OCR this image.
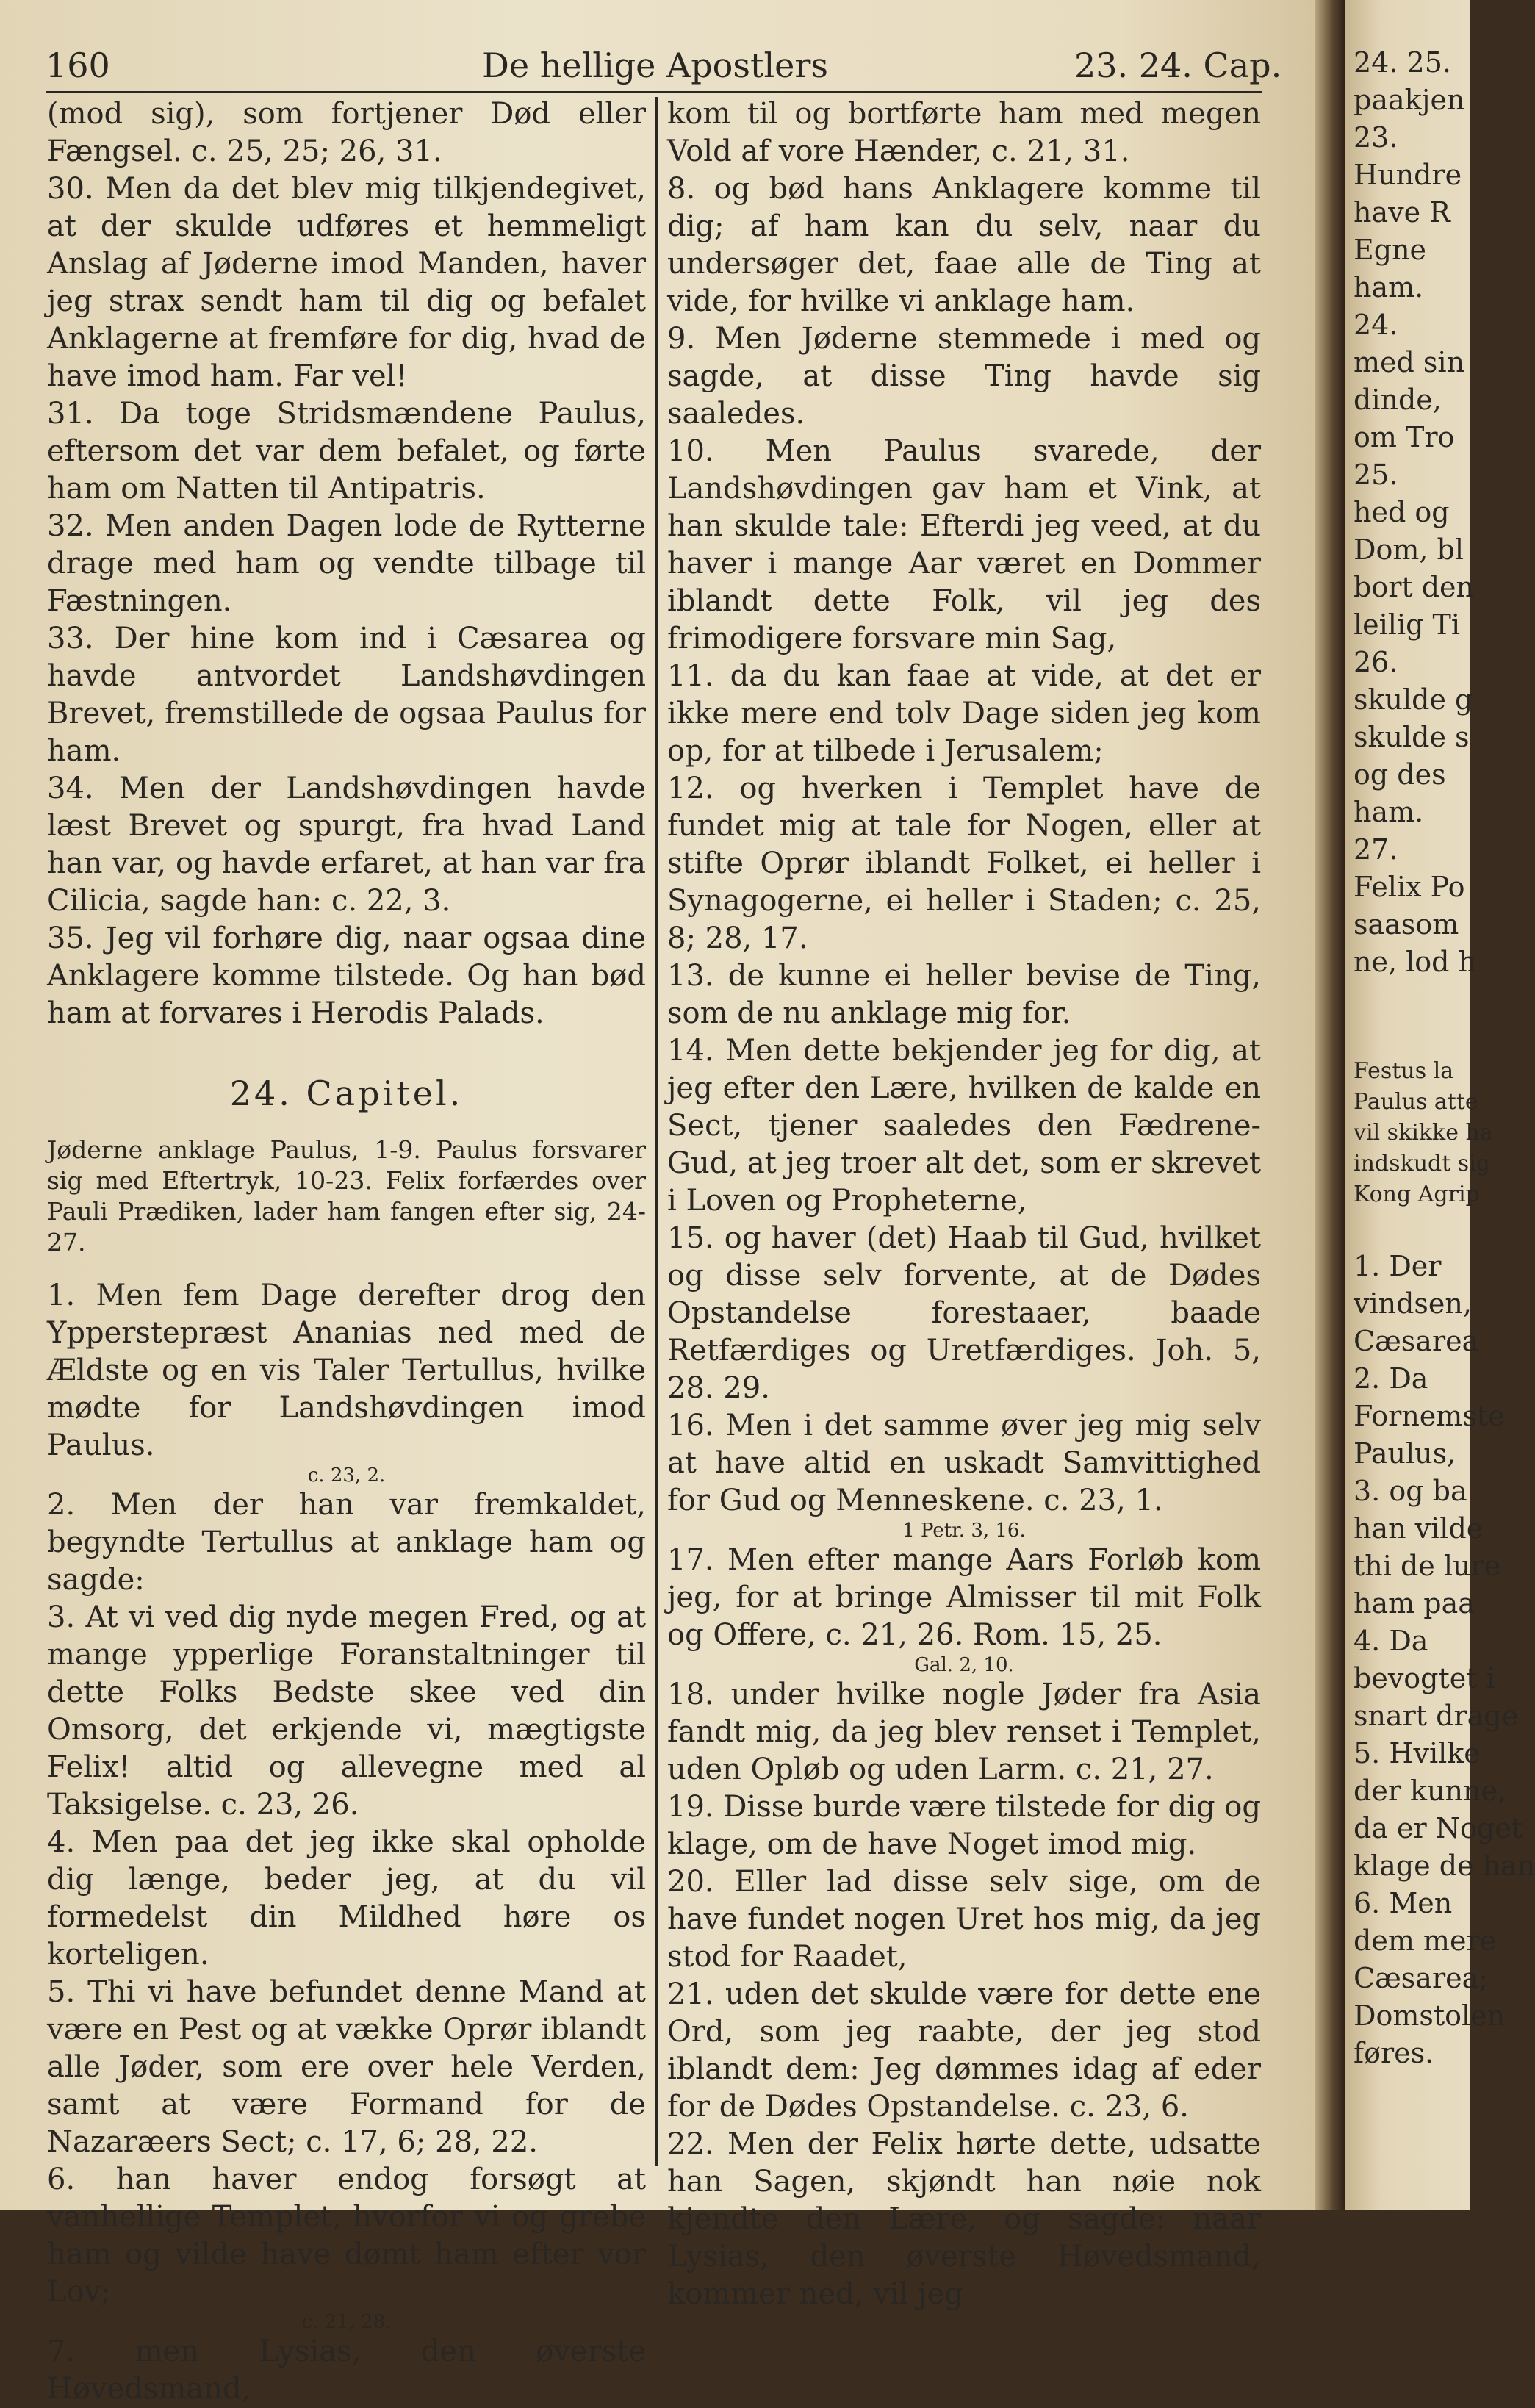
160	De hellige Apostlers	23. 24. Cap.

(mod sig), som fortjener Død eller Fængsel. c. 25, 25; 26, 31.

30. Men da det blev mig tilkjendegivet, at der skulde udføres et hemmeligt Anslag af Jøderne imod Manden, haver jeg strax sendt ham til dig og befalet Anklagerne at fremføre for dig, hvad de have imod ham. Far vel!

31. Da toge Stridsmændene Paulus, eftersom det var dem befalet, og førte ham om Natten til Antipatris.

32. Men anden Dagen lode de Rytterne drage med ham og vendte tilbage til Fæstningen.

33. Der hine kom ind i Cæsarea og havde antvordet Landshøvdingen Brevet, fremstillede de ogsaa Paulus for ham.

34. Men der Landshøvdingen havde læst Brevet og spurgt, fra hvad Land han var, og havde erfaret, at han var fra Cilicia, sagde han: c. 22, 3.

35. Jeg vil forhøre dig, naar ogsaa dine Anklagere komme tilstede. Og han bød ham at forvares i Herodis Palads.

24. Capitel.

Jøderne anklage Paulus, 1-9. Paulus forsvarer sig med Eftertryk, 10-23. Felix forfærdes over Pauli Prædiken, lader ham fangen efter sig, 24-27.

1. Men fem Dage derefter drog den Ypperstepræst Ananias ned med de Ældste og en vis Taler Tertullus, hvilke mødte for Landshøvdingen imod Paulus.

c. 23, 2.

2. Men der han var fremkaldet, begyndte Tertullus at anklage ham og sagde:

3. At vi ved dig nyde megen Fred, og at mange ypperlige Foranstaltninger til dette Folks Bedste skee ved din Omsorg, det erkjende vi, mægtigste Felix! altid og allevegne med al Taksigelse. c. 23, 26.

4. Men paa det jeg ikke skal opholde dig længe, beder jeg, at du vil formedelst din Mildhed høre os korteligen.

5. Thi vi have befundet denne Mand at være en Pest og at vække Oprør iblandt alle Jøder, som ere over hele Verden, samt at være Formand for de Nazaræers Sect; c. 17, 6; 28, 22.

6. han haver endog forsøgt at vanhellige Templet, hvorfor vi og grebe ham og vilde have dømt ham efter vor Lov;

c. 21, 28.

7. men Lysias, den øverste Høvedsmand,

kom til og bortførte ham med megen Vold af vore Hænder, c. 21, 31.

8. og bød hans Anklagere komme til dig; af ham kan du selv, naar du undersøger det, faae alle de Ting at vide, for hvilke vi anklage ham.

9. Men Jøderne stemmede i med og sagde, at disse Ting havde sig saaledes.

10. Men Paulus svarede, der Landshøvdingen gav ham et Vink, at han skulde tale: Efterdi jeg veed, at du haver i mange Aar været en Dommer iblandt dette Folk, vil jeg des frimodigere forsvare min Sag,

11. da du kan faae at vide, at det er ikke mere end tolv Dage siden jeg kom op, for at tilbede i Jerusalem;

12. og hverken i Templet have de fundet mig at tale for Nogen, eller at stifte Oprør iblandt Folket, ei heller i Synagogerne, ei heller i Staden; c. 25, 8; 28, 17.

13. de kunne ei heller bevise de Ting, som de nu anklage mig for.

14. Men dette bekjender jeg for dig, at jeg efter den Lære, hvilken de kalde en Sect, tjener saaledes den Fædrene-Gud, at jeg troer alt det, som er skrevet i Loven og Propheterne,

15. og haver (det) Haab til Gud, hvilket og disse selv forvente, at de Dødes Opstandelse forestaaer, baade Retfærdiges og Uretfærdiges. Joh. 5, 28. 29.

16. Men i det samme øver jeg mig selv at have altid en uskadt Samvittighed for Gud og Menneskene. c. 23, 1.

1 Petr. 3, 16.

17. Men efter mange Aars Forløb kom jeg, for at bringe Almisser til mit Folk og Offere, c. 21, 26. Rom. 15, 25.

Gal. 2, 10.

18. under hvilke nogle Jøder fra Asia fandt mig, da jeg blev renset i Templet, uden Opløb og uden Larm. c. 21, 27.

19. Disse burde være tilstede for dig og klage, om de have Noget imod mig.

20. Eller lad disse selv sige, om de have fundet nogen Uret hos mig, da jeg stod for Raadet,

21. uden det skulde være for dette ene Ord, som jeg raabte, der jeg stod iblandt dem: Jeg dømmes idag af eder for de Dødes Opstandelse. c. 23, 6.

22. Men der Felix hørte dette, udsatte han Sagen, skjøndt han nøie nok kjendte den Lære, og sagde: naar Lysias, den øverste Høvedsmand, kommer ned, vil jeg

24. 25.
paakjen
23.
Hundre
have R
Egne
ham.
24.
med sin
dinde,
om Tro
25.
hed og
Dom, bl
bort den
leilig Ti
26.
skulde g
skulde s
og des
ham.
27.
Felix Po
saasom
ne, lod h
Festus la
Paulus atte
vil skikke ha
indskudt sig
Kong Agrip
1. Der
vindsen,
Cæsarea
2. Da
Fornemste
Paulus,
3. og ba
han vilde
thi de lure
ham paa
4. Da
bevogtet i
snart drage
5. Hvilke
der kunne,
da er Noget
klage de han
6. Men
dem mere
Cæsarea;
Domstolen
føres.
